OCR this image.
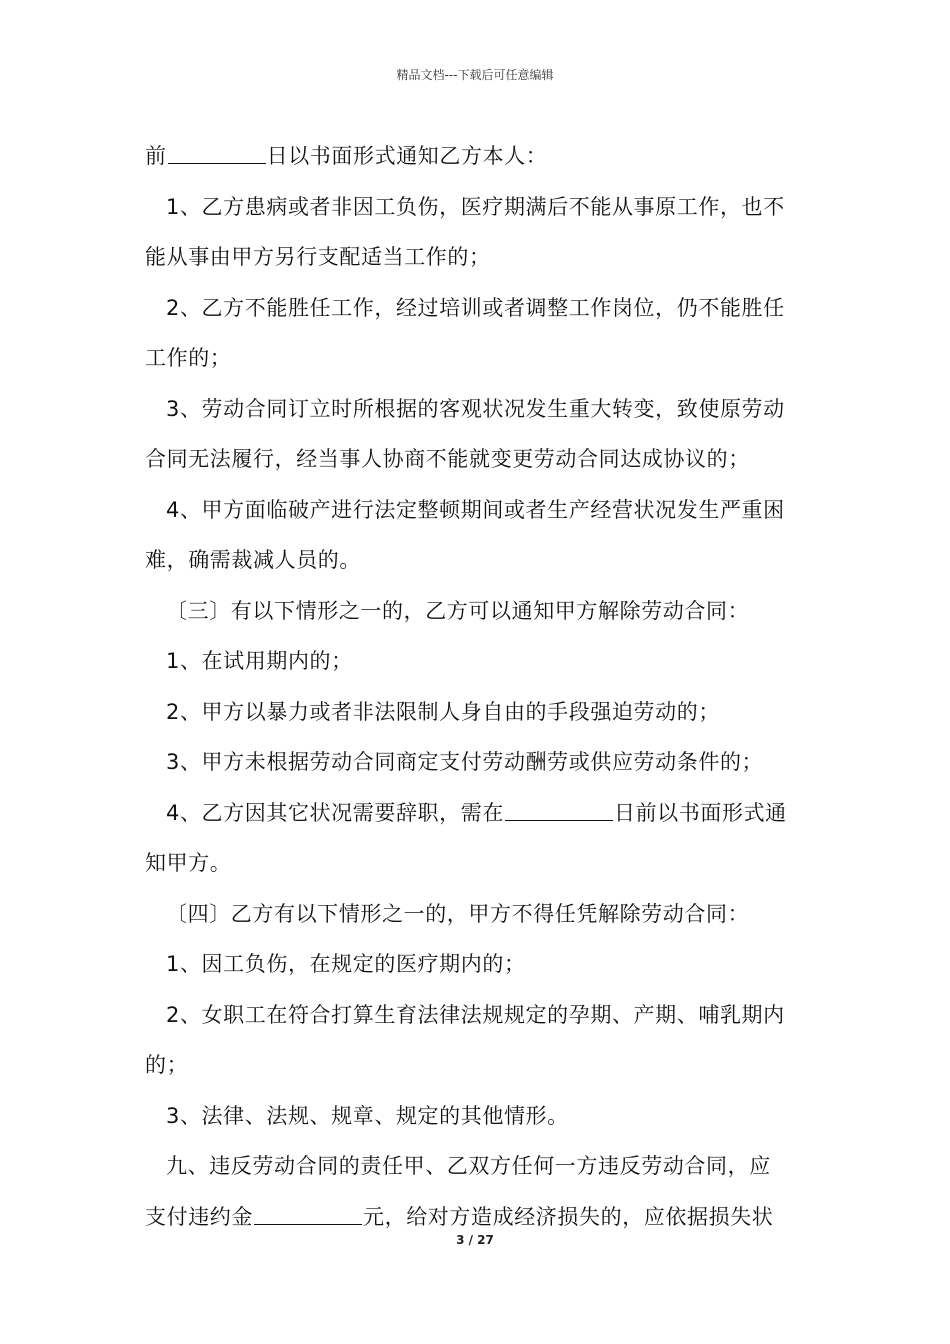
精品文档---下载后可任意编辑
前	日以书面形式通知乙方本人：
1、乙方患病或者非因工负伤，医疗期满后不能从事原工作，也不
能从事由甲方另行支配适当工作的；
2、乙方不能胜任工作，经过培训或者调整工作岗位，仍不能胜任
工作的；
3、劳动合同订立时所根据的客观状况发生重大转变，致使原劳动
合同无法履行，经当事人协商不能就变更劳动合同达成协议的；
4、甲方面临破产进行法定整顿期间或者生产经营状况发生严重困
难，确需裁减人员的。
〔三〕有以下情形之一的，乙方可以通知甲方解除劳动合同：
1、在试用期内的；
2、甲方以暴力或者非法限制人身自由的手段强迫劳动的；
3、甲方未根据劳动合同商定支付劳动酬劳或供应劳动条件的；
4、乙方因其它状况需要辞职，需在	日前以书面形式通
知甲方。
〔四〕乙方有以下情形之一的，甲方不得任凭解除劳动合同：
1、因工负伤，在规定的医疗期内的；
2、女职工在符合打算生育法律法规规定的孕期、产期、哺乳期内
的；
3、法律、法规、规章、规定的其他情形。
九、违反劳动合同的责任甲、乙双方任何一方违反劳动合同，应
支付违约金	元，给对方造成经济损失的，应依据损失状
3 / 27
